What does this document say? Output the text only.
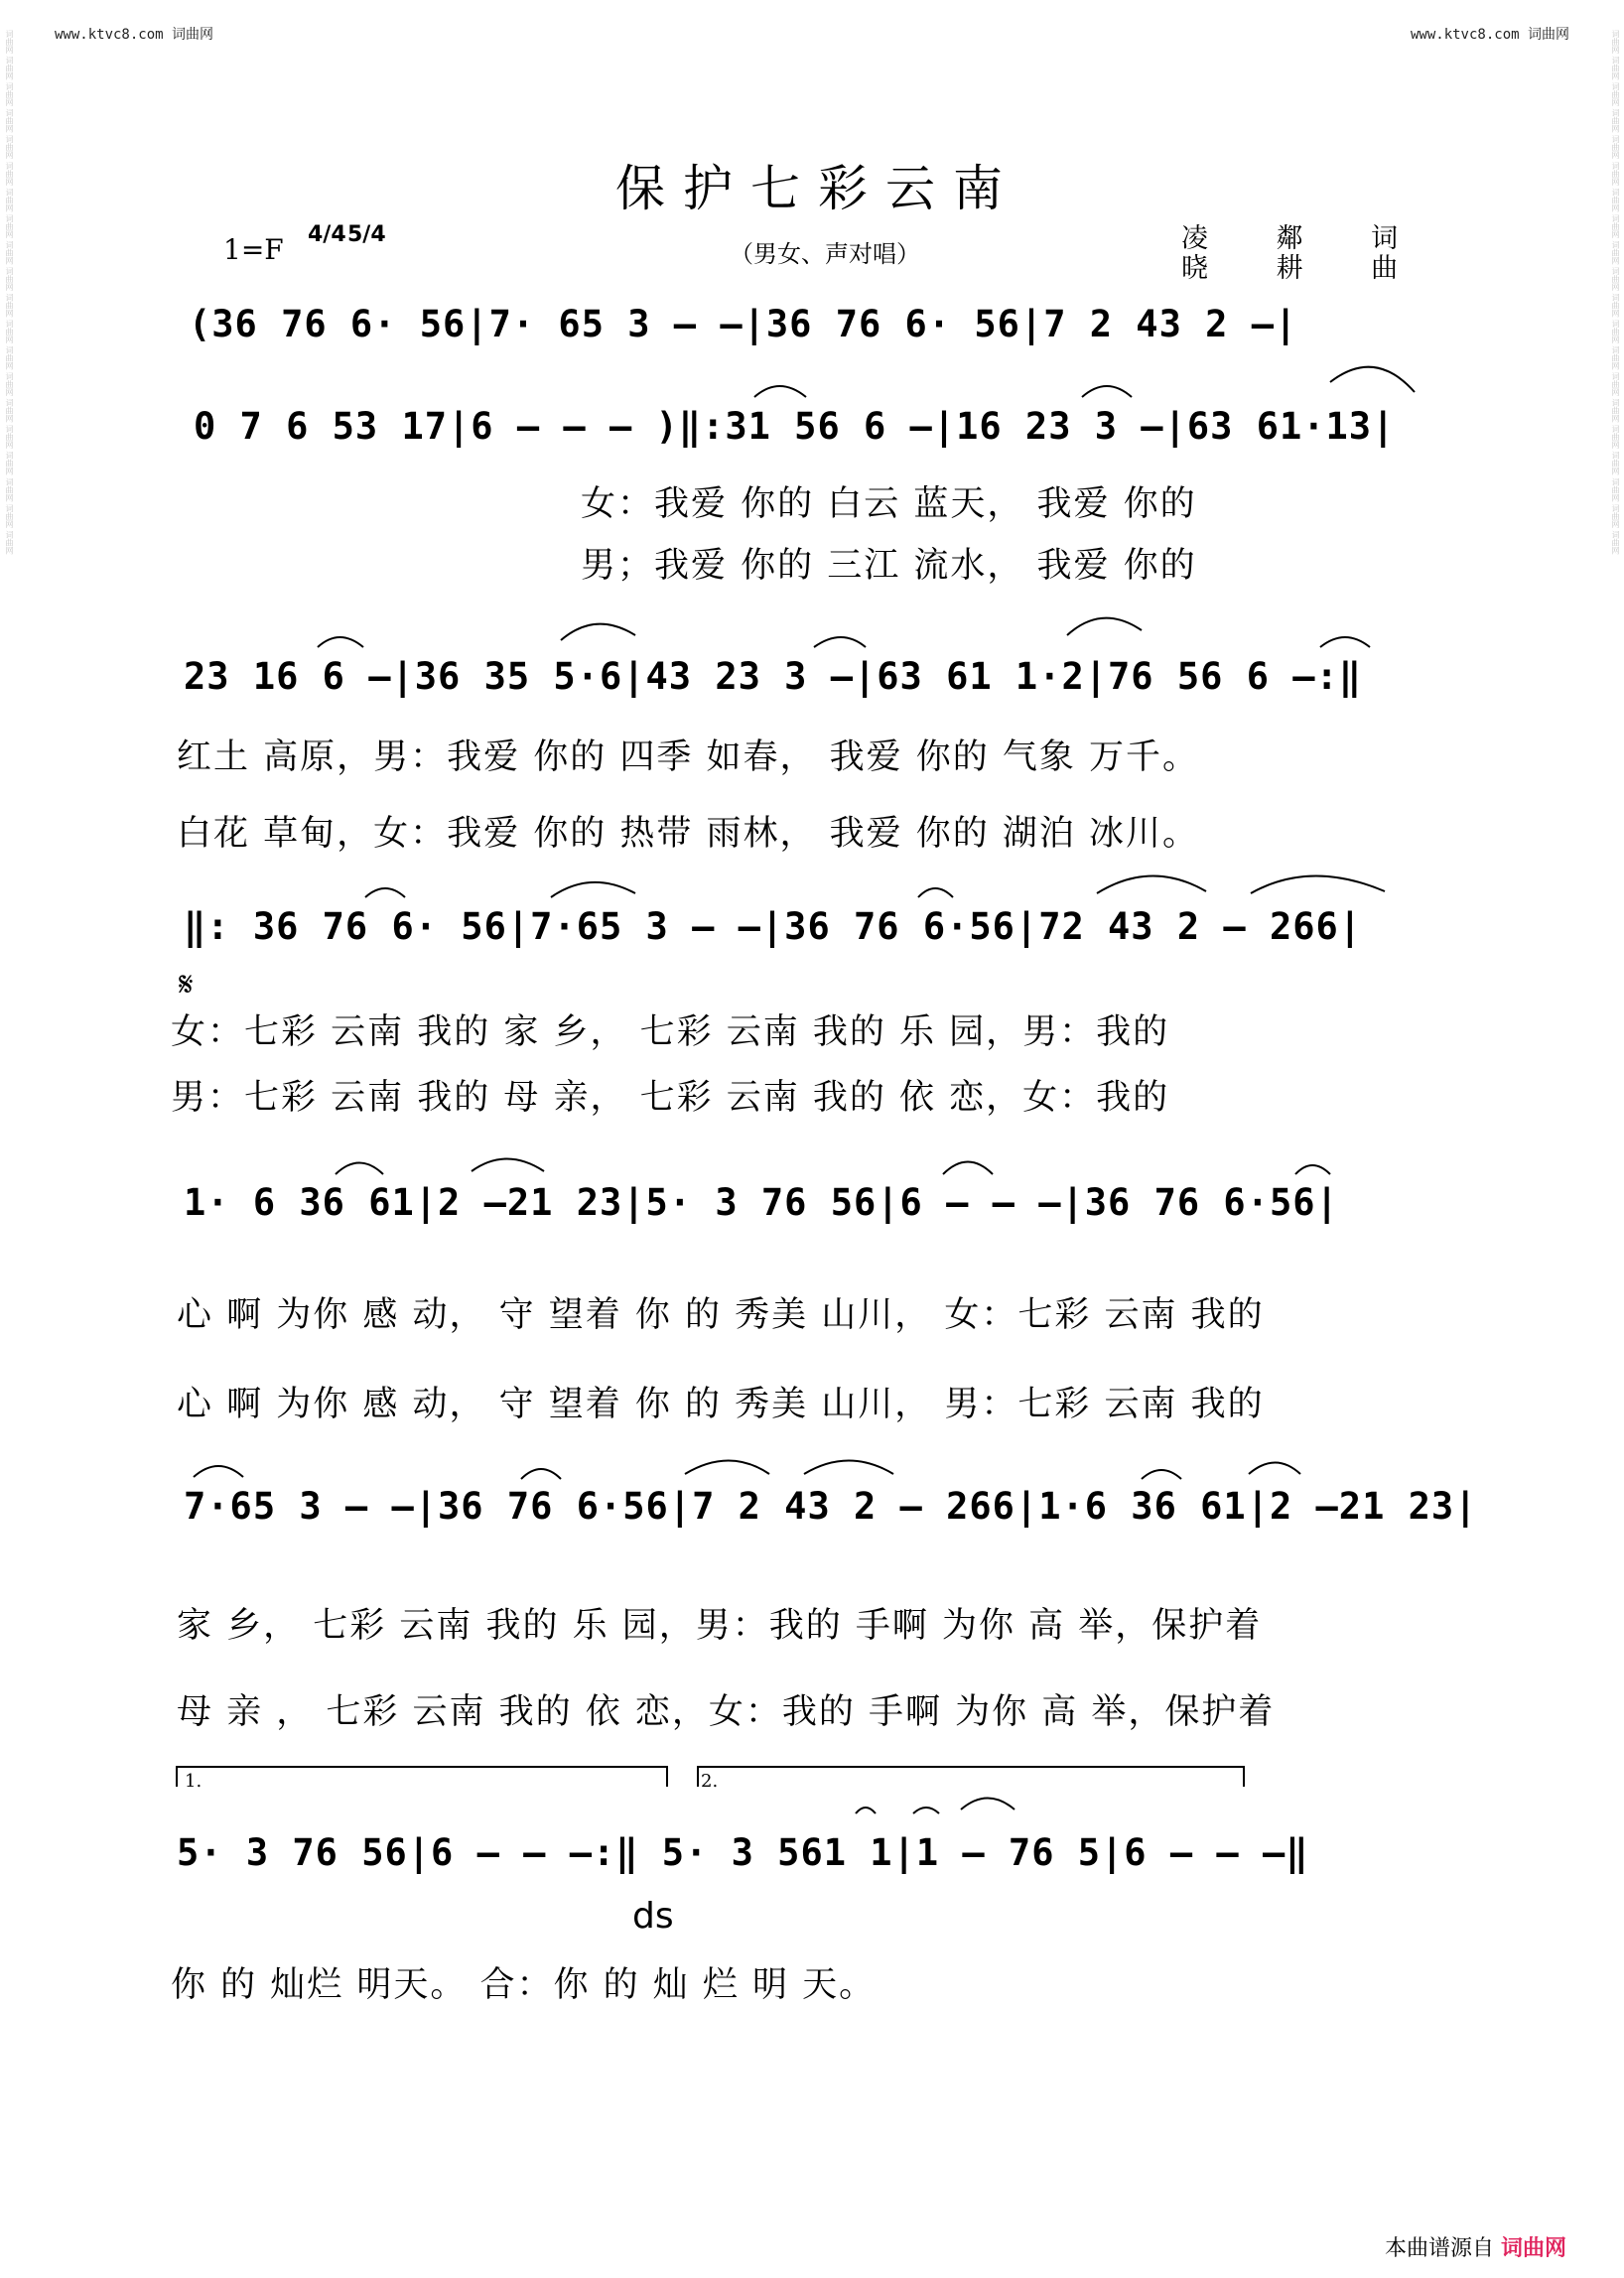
www.ktvc8.com 词曲网	www.ktvc8.com 词曲网
词曲网 词曲网 词曲网 词曲网 词曲网 词曲网 词曲网 词曲网 词曲网 词曲网 词曲网 词曲网 词曲网 词曲网 词曲网 词曲网 词曲网 词曲网 词曲网 词曲网	词曲网 词曲网 词曲网 词曲网 词曲网 词曲网 词曲网 词曲网 词曲网 词曲网 词曲网 词曲网 词曲网 词曲网 词曲网 词曲网 词曲网 词曲网 词曲网 词曲网
保护七彩云南
1=F 4/4 5/4
（男女、声对唱）	凌 鄰 词
晓 耕 曲
(36 76 6· 56|7· 65 3 – –|36 76 6· 56|7 2 43 2 –|
0 7 6 53 17|6 – – – )‖:31 56 6 –|16 23 3 –|63 61·13|
女：我爱 你的 白云 蓝天， 我爱 你的
男；我爱 你的 三江 流水， 我爱 你的
23 16 6 –|36 35 5·6|43 23 3 –|63 61 1·2|76 56 6 –:‖
红土 高原，男：我爱 你的 四季 如春， 我爱 你的 气象 万千。
白花 草甸，女：我爱 你的 热带 雨林， 我爱 你的 湖泊 冰川。
‖: 36 76 6· 56|7·65 3 – –|36 76 6·56|72 43 2 – 266|
𝄋
女：七彩 云南 我的 家 乡， 七彩 云南 我的 乐 园，男：我的
男：七彩 云南 我的 母 亲， 七彩 云南 我的 依 恋，女：我的
1· 6 36 61|2 –21 23|5· 3 76 56|6 – – –|36 76 6·56|
心 啊 为你 感 动， 守 望着 你 的 秀美 山川， 女：七彩 云南 我的
心 啊 为你 感 动， 守 望着 你 的 秀美 山川， 男：七彩 云南 我的
7·65 3 – –|36 76 6·56|7 2 43 2 – 266|1·6 36 61|2 –21 23|
家 乡， 七彩 云南 我的 乐 园，男：我的 手啊 为你 高 举，保护着
母 亲 ， 七彩 云南 我的 依 恋，女：我的 手啊 为你 高 举，保护着
1.	2.
5· 3 76 56|6 – – –:‖ 5· 3 561 1|1 – 76 5|6 – – –‖
ds
你 的 灿烂 明天。 合：你 的 灿 烂 明 天。
本曲谱源自 词曲网
